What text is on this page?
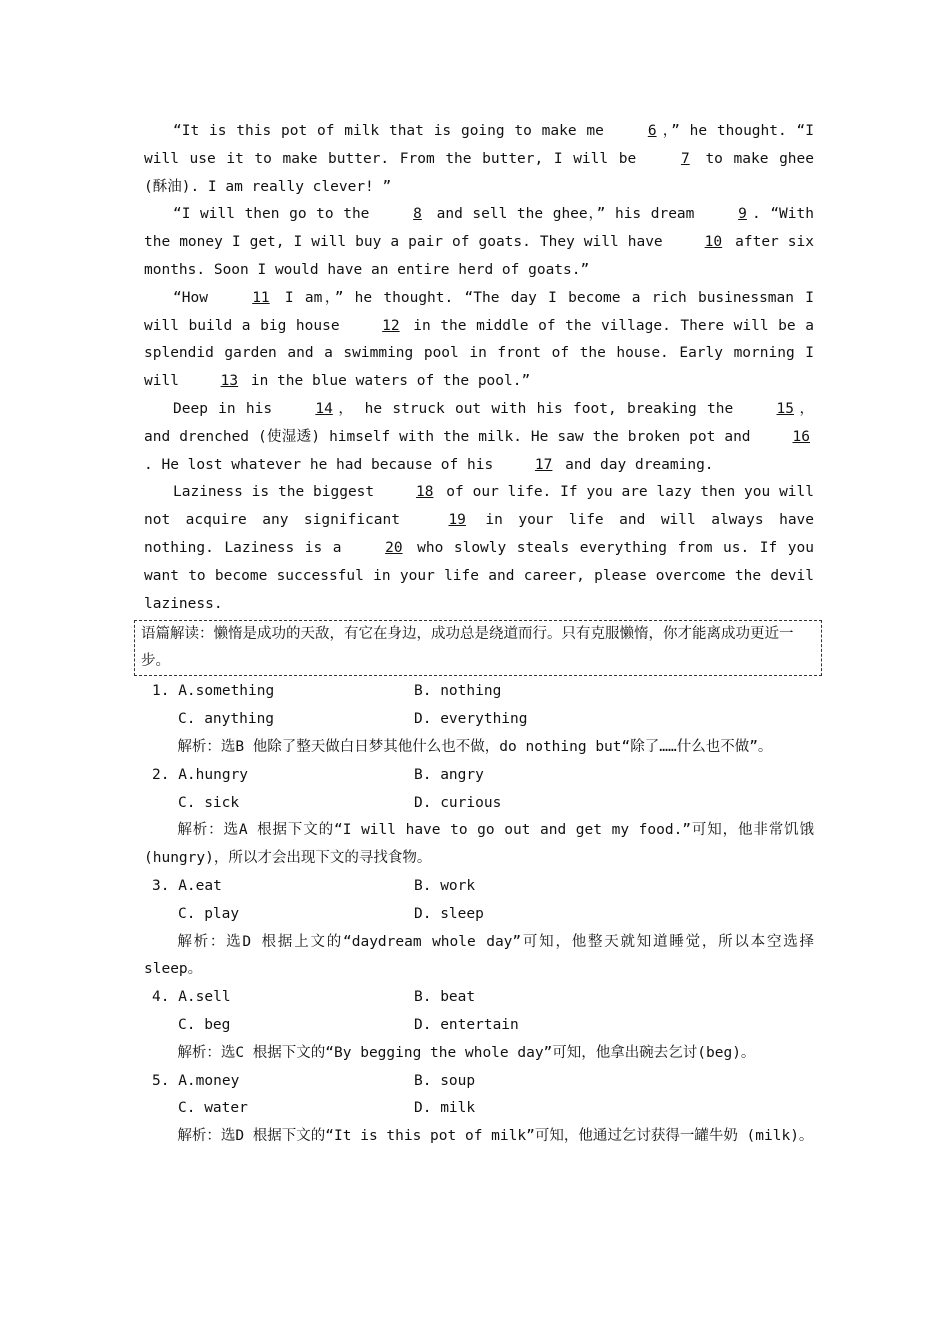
“It is this pot of milk that is going to make me 6 ，” he thought. “I will use it to make butter. From the butter, I will be 7 to make ghee (酥油). I am really clever! ”
“I will then go to the 8 and sell the ghee，” his dream 9 . “With the money I get, I will buy a pair of goats. They will have 10 after six months. Soon I would have an entire herd of goats.”
“How 11 I am，” he thought. “The day I become a rich businessman I will build a big house 12 in the middle of the village. There will be a splendid garden and a swimming pool in front of the house. Early morning I will 13 in the blue waters of the pool.”
Deep in his 14 ， he struck out with his foot, breaking the 15 ， and drenched (使湿透) himself with the milk. He saw the broken pot and 16. He lost whatever he had because of his 17 and day dreaming.
Laziness is the biggest 18 of our life. If you are lazy then you will not acquire any significant 19 in your life and will always have nothing. Laziness is a 20 who slowly steals everything from us. If you want to become successful in your life and career, please overcome the devil laziness.
语篇解读：懒惰是成功的天敌，有它在身边，成功总是绕道而行。只有克服懒惰，你才能离成功更近一步。
1. A.something	B. nothing
C. anything	D. everything
解析：选B 他除了整天做白日梦其他什么也不做，do nothing but“除了……什么也不做”。
2. A.hungry	B. angry
C. sick	D. curious
解析：选A 根据下文的“I will have to go out and get my food.”可知，他非常饥饿(hungry)，所以才会出现下文的寻找食物。
3. A.eat	B. work
C. play	D. sleep
解析：选D 根据上文的“daydream whole day”可知，他整天就知道睡觉，所以本空选择sleep。
4. A.sell	B. beat
C. beg	D. entertain
解析：选C 根据下文的“By begging the whole day”可知，他拿出碗去乞讨(beg)。
5. A.money	B. soup
C. water	D. milk
解析：选D 根据下文的“It is this pot of milk”可知，他通过乞讨获得一罐牛奶 (milk)。
